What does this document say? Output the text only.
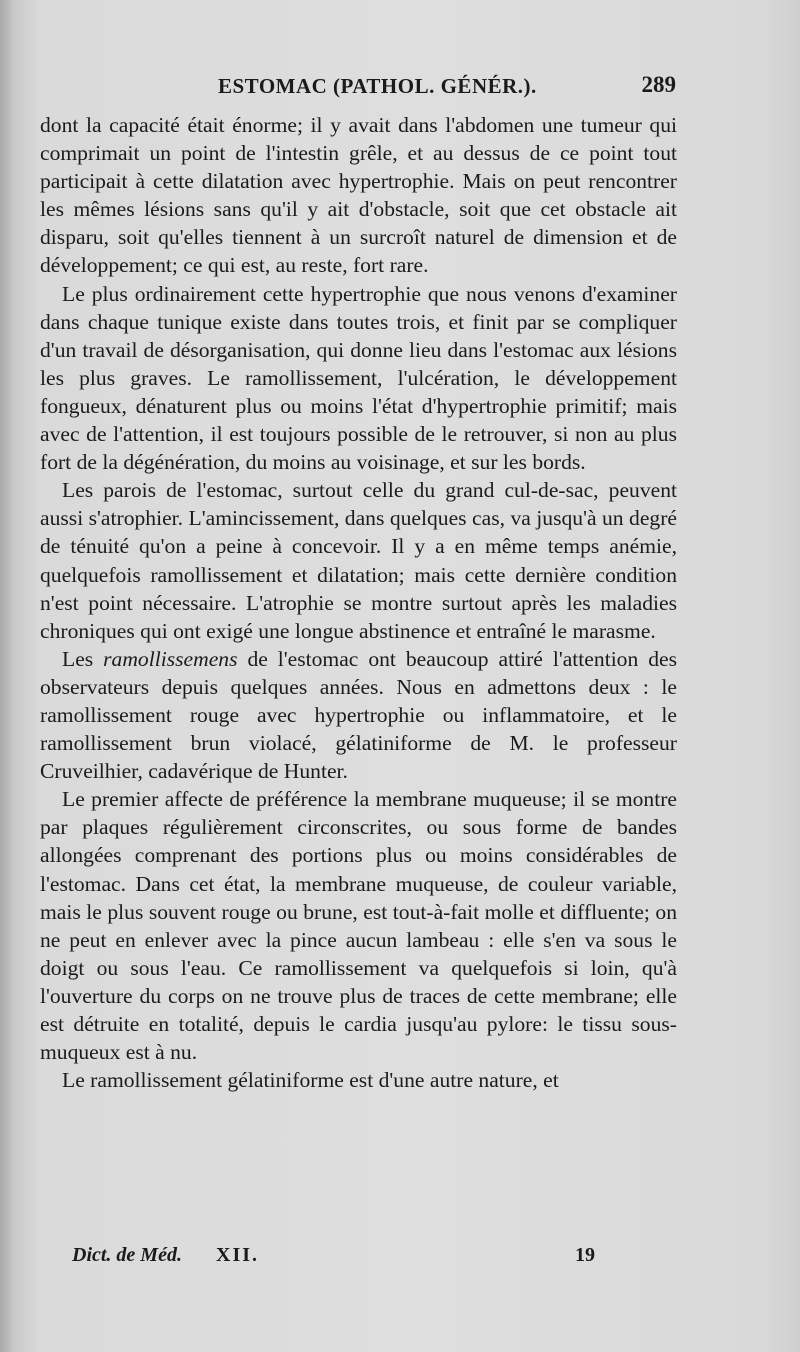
ESTOMAC (PATHOL. GÉNÉR.).	289

dont la capacité était énorme; il y avait dans l'abdomen une tumeur qui comprimait un point de l'intestin grêle, et au dessus de ce point tout participait à cette dilatation avec hypertrophie. Mais on peut rencontrer les mêmes lésions sans qu'il y ait d'obstacle, soit que cet obstacle ait disparu, soit qu'elles tiennent à un surcroît naturel de dimension et de développement; ce qui est, au reste, fort rare.

Le plus ordinairement cette hypertrophie que nous venons d'examiner dans chaque tunique existe dans toutes trois, et finit par se compliquer d'un travail de désorganisation, qui donne lieu dans l'estomac aux lésions les plus graves. Le ramollissement, l'ulcération, le développement fongueux, dénaturent plus ou moins l'état d'hypertrophie primitif; mais avec de l'attention, il est toujours possible de le retrouver, si non au plus fort de la dégénération, du moins au voisinage, et sur les bords.

Les parois de l'estomac, surtout celle du grand cul-de-sac, peuvent aussi s'atrophier. L'amincissement, dans quelques cas, va jusqu'à un degré de ténuité qu'on a peine à concevoir. Il y a en même temps anémie, quelquefois ramollissement et dilatation; mais cette dernière condition n'est point nécessaire. L'atrophie se montre surtout après les maladies chroniques qui ont exigé une longue abstinence et entraîné le marasme.

Les ramollissemens de l'estomac ont beaucoup attiré l'attention des observateurs depuis quelques années. Nous en admettons deux : le ramollissement rouge avec hypertrophie ou inflammatoire, et le ramollissement brun violacé, gélatiniforme de M. le professeur Cruveilhier, cadavérique de Hunter.

Le premier affecte de préférence la membrane muqueuse; il se montre par plaques régulièrement circonscrites, ou sous forme de bandes allongées comprenant des portions plus ou moins considérables de l'estomac. Dans cet état, la membrane muqueuse, de couleur variable, mais le plus souvent rouge ou brune, est tout-à-fait molle et diffluente; on ne peut en enlever avec la pince aucun lambeau : elle s'en va sous le doigt ou sous l'eau. Ce ramollissement va quelquefois si loin, qu'à l'ouverture du corps on ne trouve plus de traces de cette membrane; elle est détruite en totalité, depuis le cardia jusqu'au pylore: le tissu sous-muqueux est à nu.

Le ramollissement gélatiniforme est d'une autre nature, et

Dict. de Méd. XII.	19
